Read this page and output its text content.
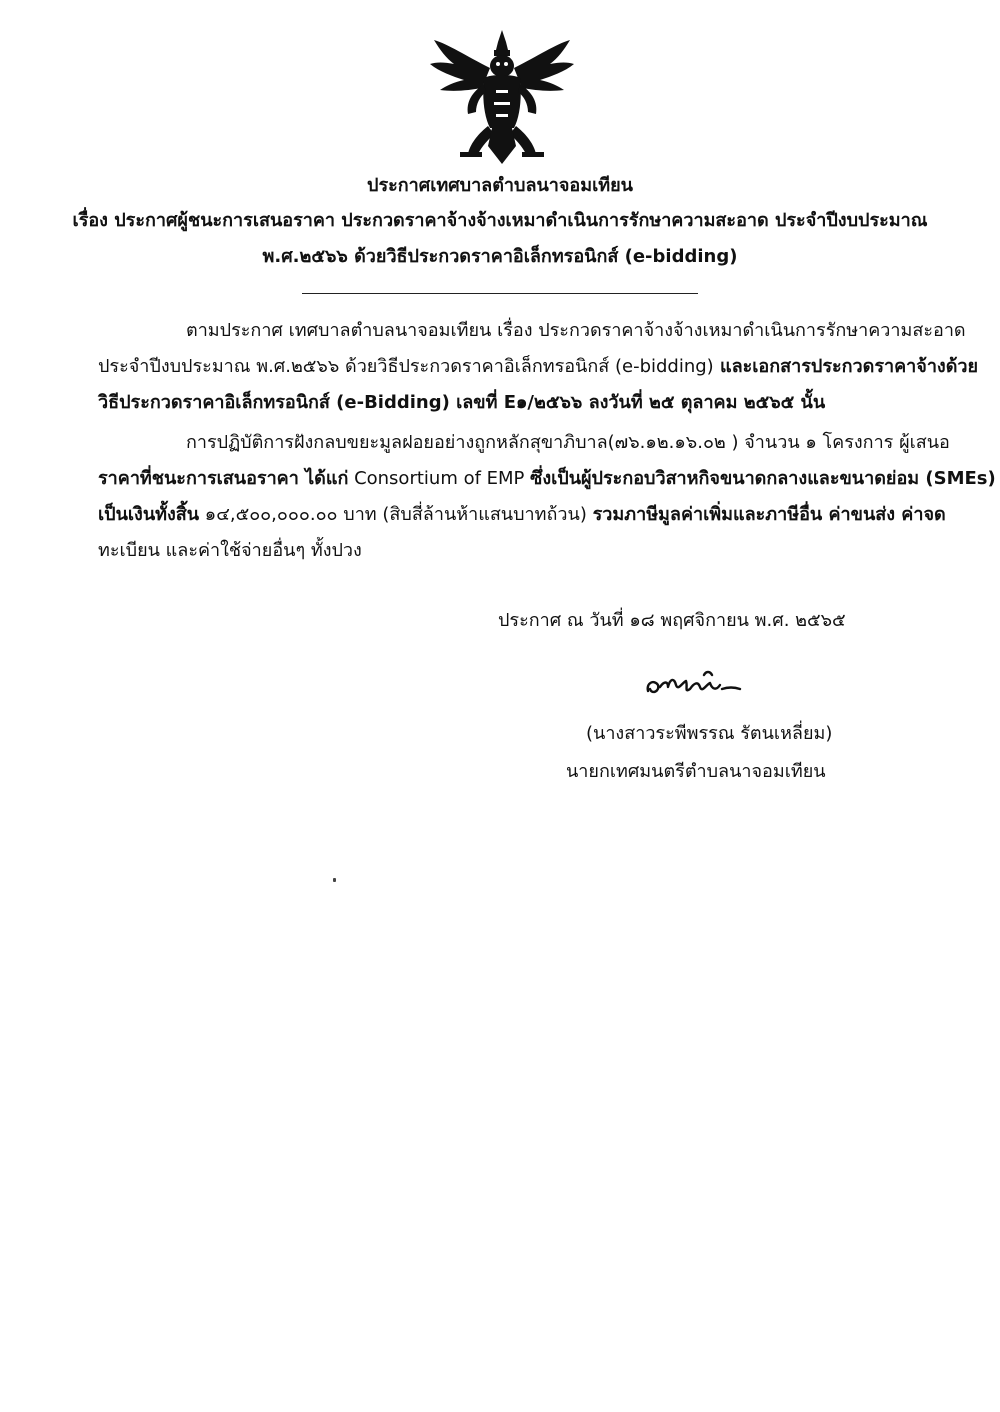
ประกาศเทศบาลตำบลนาจอมเทียน
เรื่อง ประกาศผู้ชนะการเสนอราคา ประกวดราคาจ้างจ้างเหมาดำเนินการรักษาความสะอาด ประจำปีงบประมาณ
พ.ศ.๒๕๖๖ ด้วยวิธีประกวดราคาอิเล็กทรอนิกส์ (e-bidding)
ตามประกาศ เทศบาลตำบลนาจอมเทียน เรื่อง ประกวดราคาจ้างจ้างเหมาดำเนินการรักษาความสะอาด
ประจำปีงบประมาณ พ.ศ.๒๕๖๖ ด้วยวิธีประกวดราคาอิเล็กทรอนิกส์ (e-bidding) และเอกสารประกวดราคาจ้างด้วย
วิธีประกวดราคาอิเล็กทรอนิกส์ (e-Bidding) เลขที่ E๑/๒๕๖๖ ลงวันที่ ๒๕ ตุลาคม ๒๕๖๕ นั้น
การปฏิบัติการฝังกลบขยะมูลฝอยอย่างถูกหลักสุขาภิบาล(๗๖.๑๒.๑๖.๐๒ ) จำนวน ๑ โครงการ ผู้เสนอ
ราคาที่ชนะการเสนอราคา ได้แก่ Consortium of EMP ซึ่งเป็นผู้ประกอบวิสาหกิจขนาดกลางและขนาดย่อม (SMEs)
เป็นเงินทั้งสิ้น ๑๔,๕๐๐,๐๐๐.๐๐ บาท (สิบสี่ล้านห้าแสนบาทถ้วน) รวมภาษีมูลค่าเพิ่มและภาษีอื่น ค่าขนส่ง ค่าจด
ทะเบียน และค่าใช้จ่ายอื่นๆ ทั้งปวง
ประกาศ ณ วันที่ ๑๘ พฤศจิกายน พ.ศ. ๒๕๖๕
(นางสาวระพีพรรณ รัตนเหลี่ยม)
นายกเทศมนตรีตำบลนาจอมเทียน
